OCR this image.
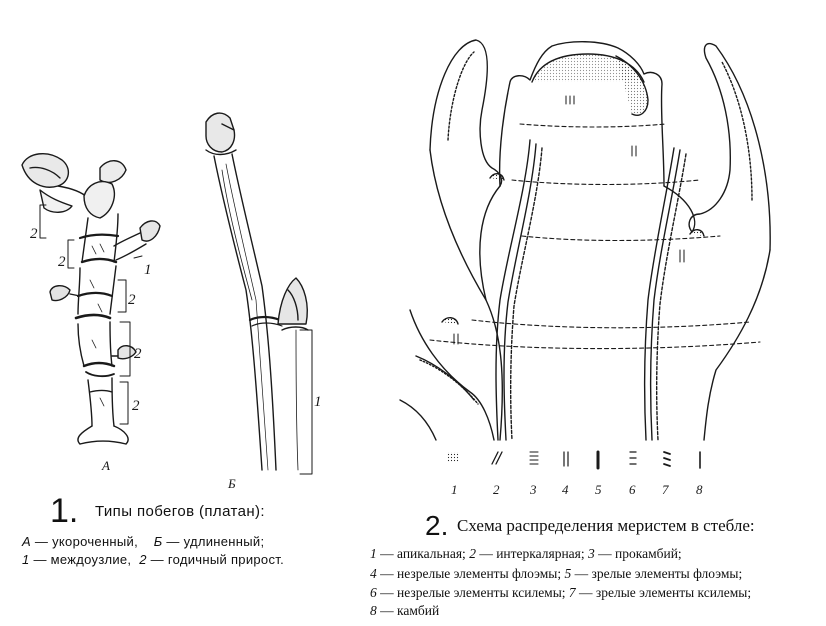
2
2	1
2
2
2	1
А
Б	1	2 3 4 5 6 7 8
1. Типы побегов (платан):
А — укороченный, Б — удлиненный;
1 — междоузлие, 2 — годичный прирост.
2. Схема распределения меристем в стебле:
1 — апикальная; 2 — интеркалярная; 3 — прокамбий;
4 — незрелые элементы флоэмы; 5 — зрелые элементы флоэмы;
6 — незрелые элементы ксилемы; 7 — зрелые элементы ксилемы;
8 — камбий
